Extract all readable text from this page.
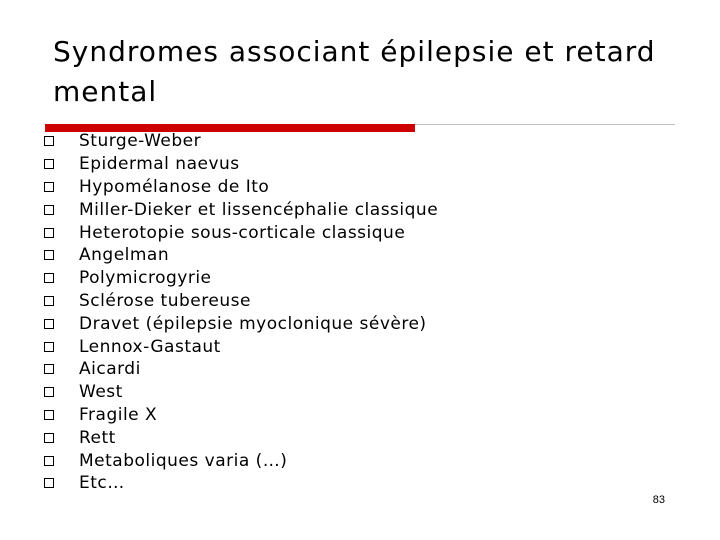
Syndromes associant épilepsie et retard mental
Sturge-Weber
Epidermal naevus
Hypomélanose de Ito
Miller-Dieker et lissencéphalie classique
Heterotopie sous-corticale classique
Angelman
Polymicrogyrie
Sclérose tubereuse
Dravet (épilepsie myoclonique sévère)
Lennox-Gastaut
Aicardi
West
Fragile X
Rett
Metaboliques varia (…)
Etc…
83
